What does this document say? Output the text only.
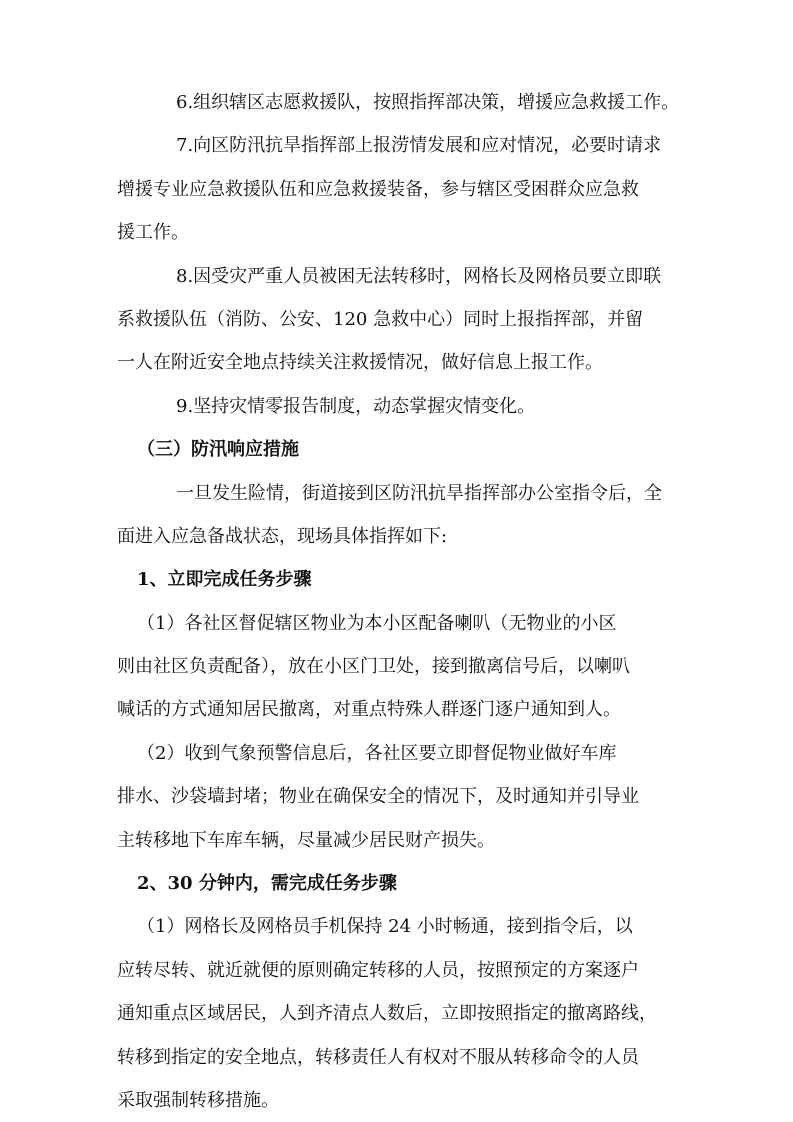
6.组织辖区志愿救援队，按照指挥部决策，增援应急救援工作。
7.向区防汛抗旱指挥部上报涝情发展和应对情况，必要时请求
增援专业应急救援队伍和应急救援装备，参与辖区受困群众应急救
援工作。
8.因受灾严重人员被困无法转移时，网格长及网格员要立即联
系救援队伍（消防、公安、120 急救中心）同时上报指挥部，并留
一人在附近安全地点持续关注救援情况，做好信息上报工作。
9.坚持灾情零报告制度，动态掌握灾情变化。
（三）防汛响应措施
一旦发生险情，街道接到区防汛抗旱指挥部办公室指令后，全
面进入应急备战状态，现场具体指挥如下:
1、立即完成任务步骤
（1）各社区督促辖区物业为本小区配备喇叭（无物业的小区
则由社区负责配备），放在小区门卫处，接到撤离信号后，以喇叭
喊话的方式通知居民撤离，对重点特殊人群逐门逐户通知到人。
（2）收到气象预警信息后，各社区要立即督促物业做好车库
排水、沙袋墙封堵；物业在确保安全的情况下，及时通知并引导业
主转移地下车库车辆，尽量减少居民财产损失。
2、30 分钟内，需完成任务步骤
（1）网格长及网格员手机保持 24 小时畅通，接到指令后，以
应转尽转、就近就便的原则确定转移的人员，按照预定的方案逐户
通知重点区域居民，人到齐清点人数后，立即按照指定的撤离路线，
转移到指定的安全地点，转移责任人有权对不服从转移命令的人员
采取强制转移措施。
